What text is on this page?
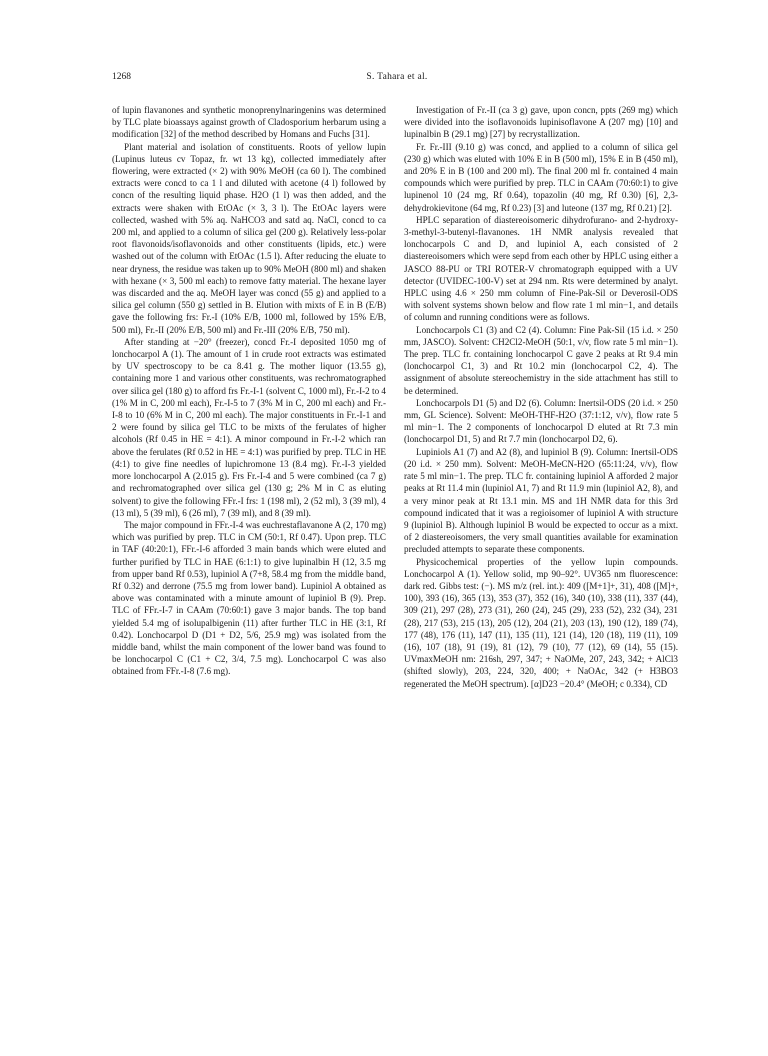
1268	S. Tahara et al.

of lupin flavanones and synthetic monoprenylnaringenins was determined by TLC plate bioassays against growth of Cladosporium herbarum using a modification [32] of the method described by Homans and Fuchs [31].

Plant material and isolation of constituents. Roots of yellow lupin (Lupinus luteus cv Topaz, fr. wt 13 kg), collected immediately after flowering, were extracted (× 2) with 90% MeOH (ca 60 l). The combined extracts were concd to ca 1 l and diluted with acetone (4 l) followed by concn of the resulting liquid phase. H2O (1 l) was then added, and the extracts were shaken with EtOAc (× 3, 3 l). The EtOAc layers were collected, washed with 5% aq. NaHCO3 and satd aq. NaCl, concd to ca 200 ml, and applied to a column of silica gel (200 g). Relatively less-polar root flavonoids/isoflavonoids and other constituents (lipids, etc.) were washed out of the column with EtOAc (1.5 l). After reducing the eluate to near dryness, the residue was taken up to 90% MeOH (800 ml) and shaken with hexane (× 3, 500 ml each) to remove fatty material. The hexane layer was discarded and the aq. MeOH layer was concd (55 g) and applied to a silica gel column (550 g) settled in B. Elution with mixts of E in B (E/B) gave the following frs: Fr.-I (10% E/B, 1000 ml, followed by 15% E/B, 500 ml), Fr.-II (20% E/B, 500 ml) and Fr.-III (20% E/B, 750 ml).

After standing at −20° (freezer), concd Fr.-I deposited 1050 mg of lonchocarpol A (1). The amount of 1 in crude root extracts was estimated by UV spectroscopy to be ca 8.41 g. The mother liquor (13.55 g), containing more 1 and various other constituents, was rechromatographed over silica gel (180 g) to afford frs Fr.-I-1 (solvent C, 1000 ml), Fr.-I-2 to 4 (1% M in C, 200 ml each), Fr.-I-5 to 7 (3% M in C, 200 ml each) and Fr.-I-8 to 10 (6% M in C, 200 ml each). The major constituents in Fr.-I-1 and 2 were found by silica gel TLC to be mixts of the ferulates of higher alcohols (Rf 0.45 in HE = 4:1). A minor compound in Fr.-I-2 which ran above the ferulates (Rf 0.52 in HE = 4:1) was purified by prep. TLC in HE (4:1) to give fine needles of lupichromone 13 (8.4 mg). Fr.-I-3 yielded more lonchocarpol A (2.015 g). Frs Fr.-I-4 and 5 were combined (ca 7 g) and rechromatographed over silica gel (130 g; 2% M in C as eluting solvent) to give the following FFr.-I frs: 1 (198 ml), 2 (52 ml), 3 (39 ml), 4 (13 ml), 5 (39 ml), 6 (26 ml), 7 (39 ml), and 8 (39 ml).

The major compound in FFr.-I-4 was euchrestaflavanone A (2, 170 mg) which was purified by prep. TLC in CM (50:1, Rf 0.47). Upon prep. TLC in TAF (40:20:1), FFr.-I-6 afforded 3 main bands which were eluted and further purified by TLC in HAE (6:1:1) to give lupinalbin H (12, 3.5 mg from upper band Rf 0.53), lupiniol A (7+8, 58.4 mg from the middle band, Rf 0.32) and derrone (75.5 mg from lower band). Lupiniol A obtained as above was contaminated with a minute amount of lupiniol B (9). Prep. TLC of FFr.-I-7 in CAAm (70:60:1) gave 3 major bands. The top band yielded 5.4 mg of isolupalbigenin (11) after further TLC in HE (3:1, Rf 0.42). Lonchocarpol D (D1 + D2, 5/6, 25.9 mg) was isolated from the middle band, whilst the main component of the lower band was found to be lonchocarpol C (C1 + C2, 3/4, 7.5 mg). Lonchocarpol C was also obtained from FFr.-I-8 (7.6 mg).

Investigation of Fr.-II (ca 3 g) gave, upon concn, ppts (269 mg) which were divided into the isoflavonoids lupinisoflavone A (207 mg) [10] and lupinalbin B (29.1 mg) [27] by recrystallization.

Fr. Fr.-III (9.10 g) was concd, and applied to a column of silica gel (230 g) which was eluted with 10% E in B (500 ml), 15% E in B (450 ml), and 20% E in B (100 and 200 ml). The final 200 ml fr. contained 4 main compounds which were purified by prep. TLC in CAAm (70:60:1) to give lupinenol 10 (24 mg, Rf 0.64), topazolin (40 mg, Rf 0.30) [6], 2,3-dehydrokievitone (64 mg, Rf 0.23) [3] and luteone (137 mg, Rf 0.21) [2].

HPLC separation of diastereoisomeric dihydrofurano- and 2-hydroxy-3-methyl-3-butenyl-flavanones. 1H NMR analysis revealed that lonchocarpols C and D, and lupiniol A, each consisted of 2 diastereoisomers which were sepd from each other by HPLC using either a JASCO 88-PU or TRI ROTER-V chromatograph equipped with a UV detector (UVIDEC-100-V) set at 294 nm. Rts were determined by analyt. HPLC using 4.6 × 250 mm column of Fine-Pak-Sil or Deverosil-ODS with solvent systems shown below and flow rate 1 ml min−1, and details of column and running conditions were as follows.

Lonchocarpols C1 (3) and C2 (4). Column: Fine Pak-Sil (15 i.d. × 250 mm, JASCO). Solvent: CH2Cl2-MeOH (50:1, v/v, flow rate 5 ml min−1). The prep. TLC fr. containing lonchocarpol C gave 2 peaks at Rt 9.4 min (lonchocarpol C1, 3) and Rt 10.2 min (lonchocarpol C2, 4). The assignment of absolute stereochemistry in the side attachment has still to be determined.

Lonchocarpols D1 (5) and D2 (6). Column: Inertsil-ODS (20 i.d. × 250 mm, GL Science). Solvent: MeOH-THF-H2O (37:1:12, v/v), flow rate 5 ml min−1. The 2 components of lonchocarpol D eluted at Rt 7.3 min (lonchocarpol D1, 5) and Rt 7.7 min (lonchocarpol D2, 6).

Lupiniols A1 (7) and A2 (8), and lupiniol B (9). Column: Inertsil-ODS (20 i.d. × 250 mm). Solvent: MeOH-MeCN-H2O (65:11:24, v/v), flow rate 5 ml min−1. The prep. TLC fr. containing lupiniol A afforded 2 major peaks at Rt 11.4 min (lupiniol A1, 7) and Rt 11.9 min (lupiniol A2, 8), and a very minor peak at Rt 13.1 min. MS and 1H NMR data for this 3rd compound indicated that it was a regioisomer of lupiniol A with structure 9 (lupiniol B). Although lupiniol B would be expected to occur as a mixt. of 2 diastereoisomers, the very small quantities available for examination precluded attempts to separate these components.

Physicochemical properties of the yellow lupin compounds. Lonchocarpol A (1). Yellow solid, mp 90–92°. UV365 nm fluorescence: dark red. Gibbs test: (−). MS m/z (rel. int.): 409 ([M+1]+, 31), 408 ([M]+, 100), 393 (16), 365 (13), 353 (37), 352 (16), 340 (10), 338 (11), 337 (44), 309 (21), 297 (28), 273 (31), 260 (24), 245 (29), 233 (52), 232 (34), 231 (28), 217 (53), 215 (13), 205 (12), 204 (21), 203 (13), 190 (12), 189 (74), 177 (48), 176 (11), 147 (11), 135 (11), 121 (14), 120 (18), 119 (11), 109 (16), 107 (18), 91 (19), 81 (12), 79 (10), 77 (12), 69 (14), 55 (15). UVmaxMeOH nm: 216sh, 297, 347; + NaOMe, 207, 243, 342; + AlCl3 (shifted slowly), 203, 224, 320, 400; + NaOAc, 342 (+ H3BO3 regenerated the MeOH spectrum). [α]D23 −20.4° (MeOH; c 0.334), CD
